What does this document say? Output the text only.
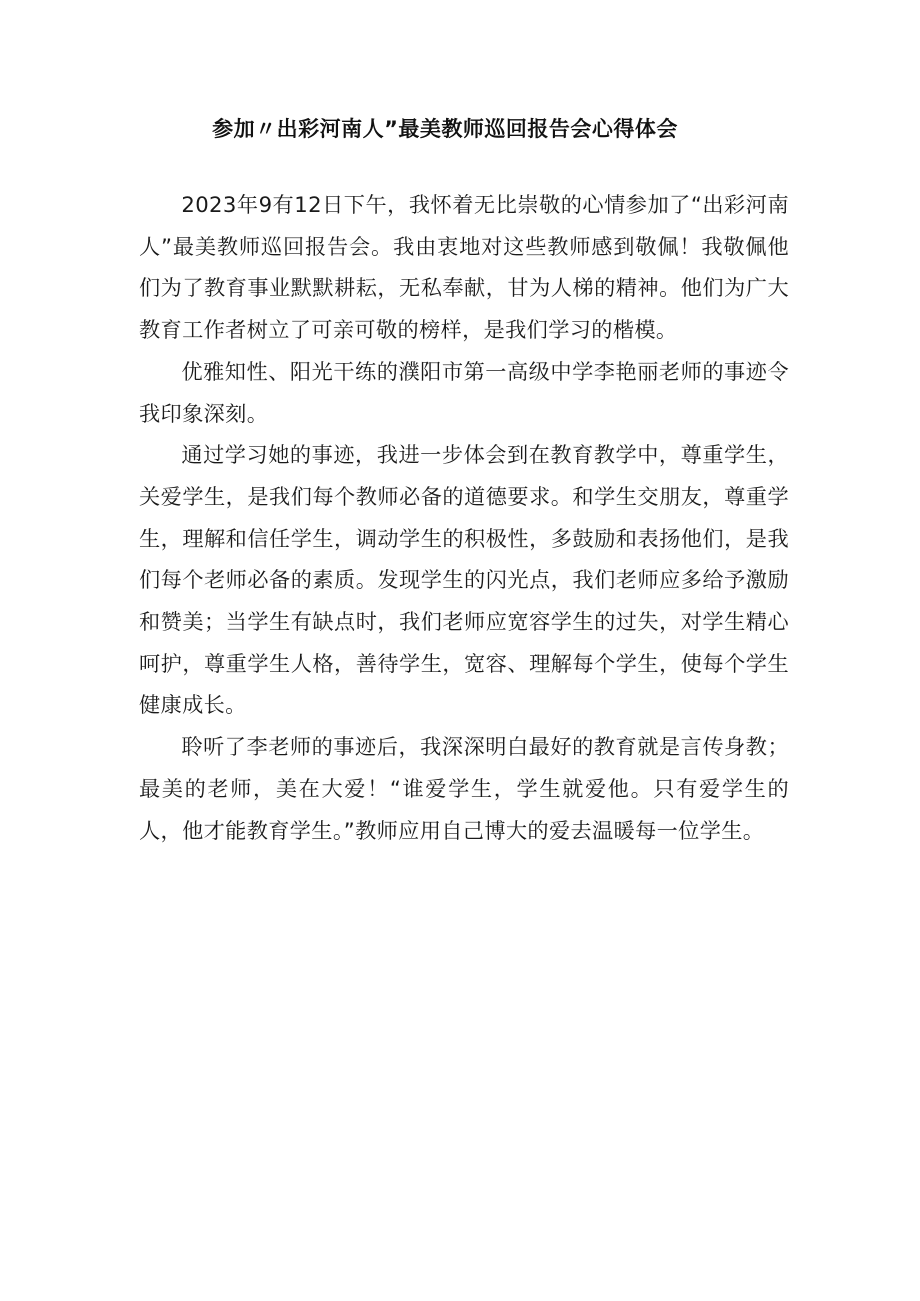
参加〃出彩河南人”最美教师巡回报告会心得体会

2023年9有12日下午，我怀着无比崇敬的心情参加了“出彩河南人”最美教师巡回报告会。我由衷地对这些教师感到敬佩！我敬佩他们为了教育事业默默耕耘，无私奉献，甘为人梯的精神。他们为广大教育工作者树立了可亲可敬的榜样，是我们学习的楷模。

优雅知性、阳光干练的濮阳市第一高级中学李艳丽老师的事迹令我印象深刻。

通过学习她的事迹，我进一步体会到在教育教学中，尊重学生，关爱学生，是我们每个教师必备的道德要求。和学生交朋友，尊重学生，理解和信任学生，调动学生的积极性，多鼓励和表扬他们，是我们每个老师必备的素质。发现学生的闪光点，我们老师应多给予激励和赞美；当学生有缺点时，我们老师应宽容学生的过失，对学生精心呵护，尊重学生人格，善待学生，宽容、理解每个学生，使每个学生健康成长。

聆听了李老师的事迹后，我深深明白最好的教育就是言传身教；最美的老师，美在大爱！“谁爱学生，学生就爱他。只有爱学生的人，他才能教育学生。”教师应用自己博大的爱去温暖每一位学生。
